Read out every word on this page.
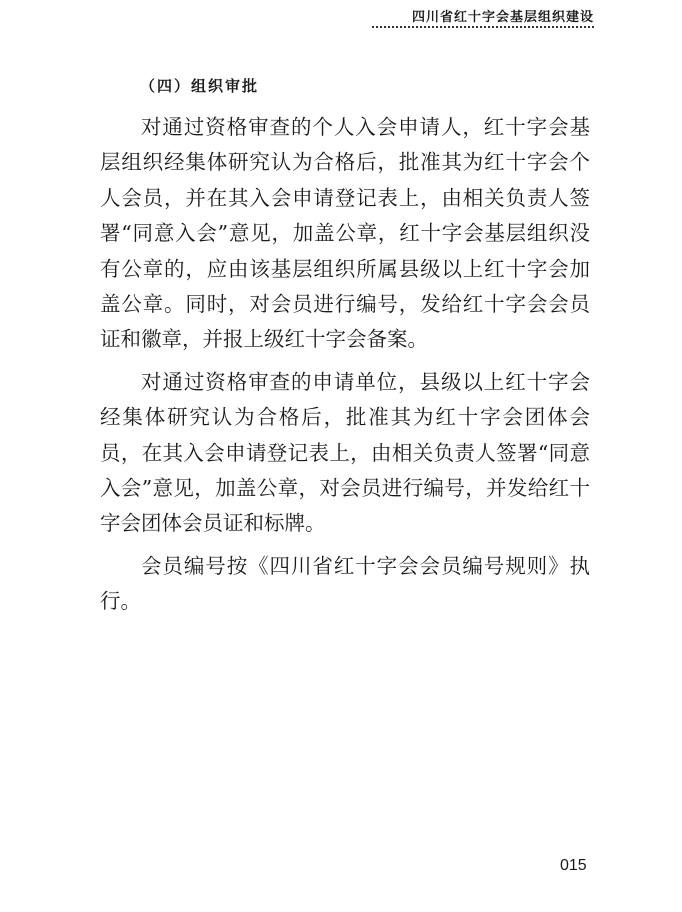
四川省红十字会基层组织建设
（四）组织审批

对通过资格审查的个人入会申请人，红十字会基层组织经集体研究认为合格后，批准其为红十字会个人会员，并在其入会申请登记表上，由相关负责人签署“同意入会”意见，加盖公章，红十字会基层组织没有公章的，应由该基层组织所属县级以上红十字会加盖公章。同时，对会员进行编号，发给红十字会会员证和徽章，并报上级红十字会备案。

对通过资格审查的申请单位，县级以上红十字会经集体研究认为合格后，批准其为红十字会团体会员，在其入会申请登记表上，由相关负责人签署“同意入会”意见，加盖公章，对会员进行编号，并发给红十字会团体会员证和标牌。

会员编号按《四川省红十字会会员编号规则》执行。

015
